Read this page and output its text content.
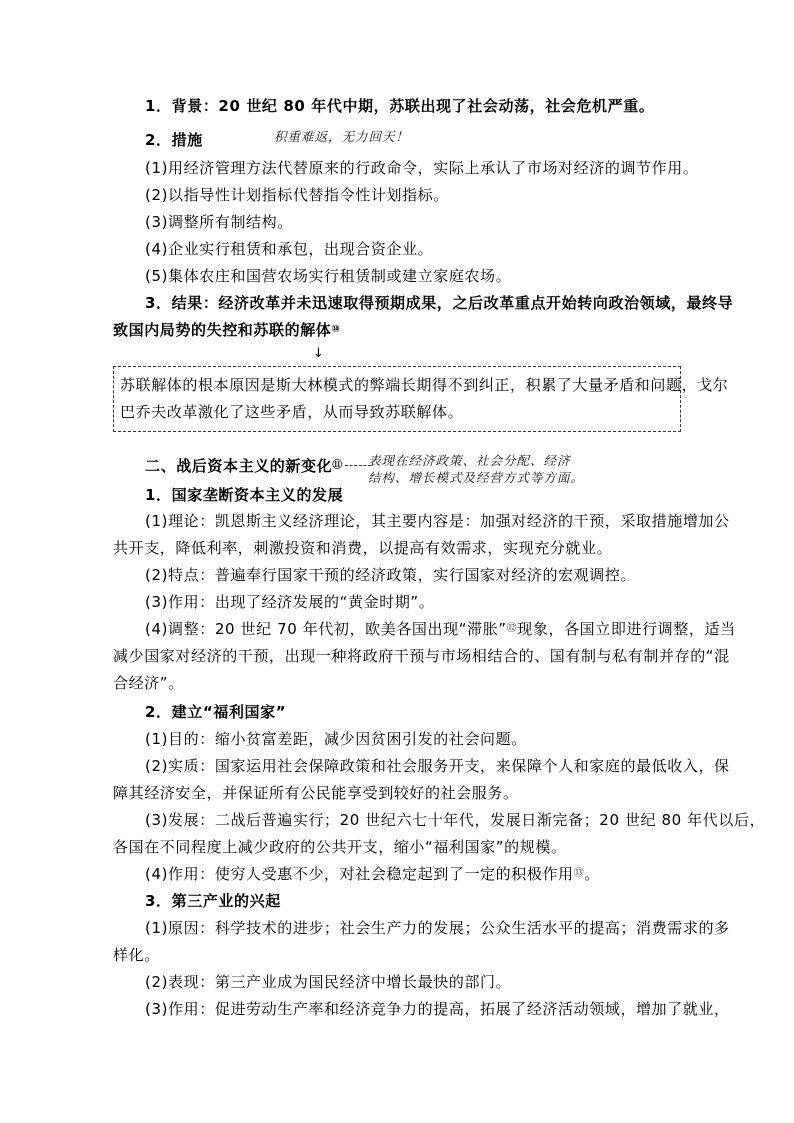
1．背景：20 世纪 80 年代中期，苏联出现了社会动荡，社会危机严重。
2．措施	积重难返，无力回天！
(1)用经济管理方法代替原来的行政命令，实际上承认了市场对经济的调节作用。
(2)以指导性计划指标代替指令性计划指标。
(3)调整所有制结构。
(4)企业实行租赁和承包，出现合资企业。
(5)集体农庄和国营农场实行租赁制或建立家庭农场。
3．结果：经济改革并未迅速取得预期成果，之后改革重点开始转向政治领域，最终导
致国内局势的失控和苏联的解体⑩
↓
苏联解体的根本原因是斯大林模式的弊端长期得不到纠正，积累了大量矛盾和问题，戈尔
巴乔夫改革激化了这些矛盾，从而导致苏联解体。
二、战后资本主义的新变化⑪	表现在经济政策、社会分配、经济
结构、增长模式及经营方式等方面。
1．国家垄断资本主义的发展
(1)理论：凯恩斯主义经济理论，其主要内容是：加强对经济的干预，采取措施增加公
共开支，降低利率，刺激投资和消费，以提高有效需求，实现充分就业。
(2)特点：普遍奉行国家干预的经济政策，实行国家对经济的宏观调控。
(3)作用：出现了经济发展的“黄金时期”。
(4)调整：20 世纪 70 年代初，欧美各国出现“滞胀”⑫现象，各国立即进行调整，适当
减少国家对经济的干预，出现一种将政府干预与市场相结合的、国有制与私有制并存的“混
合经济”。
2．建立“福利国家”
(1)目的：缩小贫富差距，减少因贫困引发的社会问题。
(2)实质：国家运用社会保障政策和社会服务开支，来保障个人和家庭的最低收入，保
障其经济安全，并保证所有公民能享受到较好的社会服务。
(3)发展：二战后普遍实行；20 世纪六七十年代，发展日渐完备；20 世纪 80 年代以后，
各国在不同程度上减少政府的公共开支，缩小“福利国家”的规模。
(4)作用：使穷人受惠不少，对社会稳定起到了一定的积极作用⑬。
3．第三产业的兴起
(1)原因：科学技术的进步；社会生产力的发展；公众生活水平的提高；消费需求的多
样化。
(2)表现：第三产业成为国民经济中增长最快的部门。
(3)作用：促进劳动生产率和经济竞争力的提高，拓展了经济活动领域，增加了就业，
